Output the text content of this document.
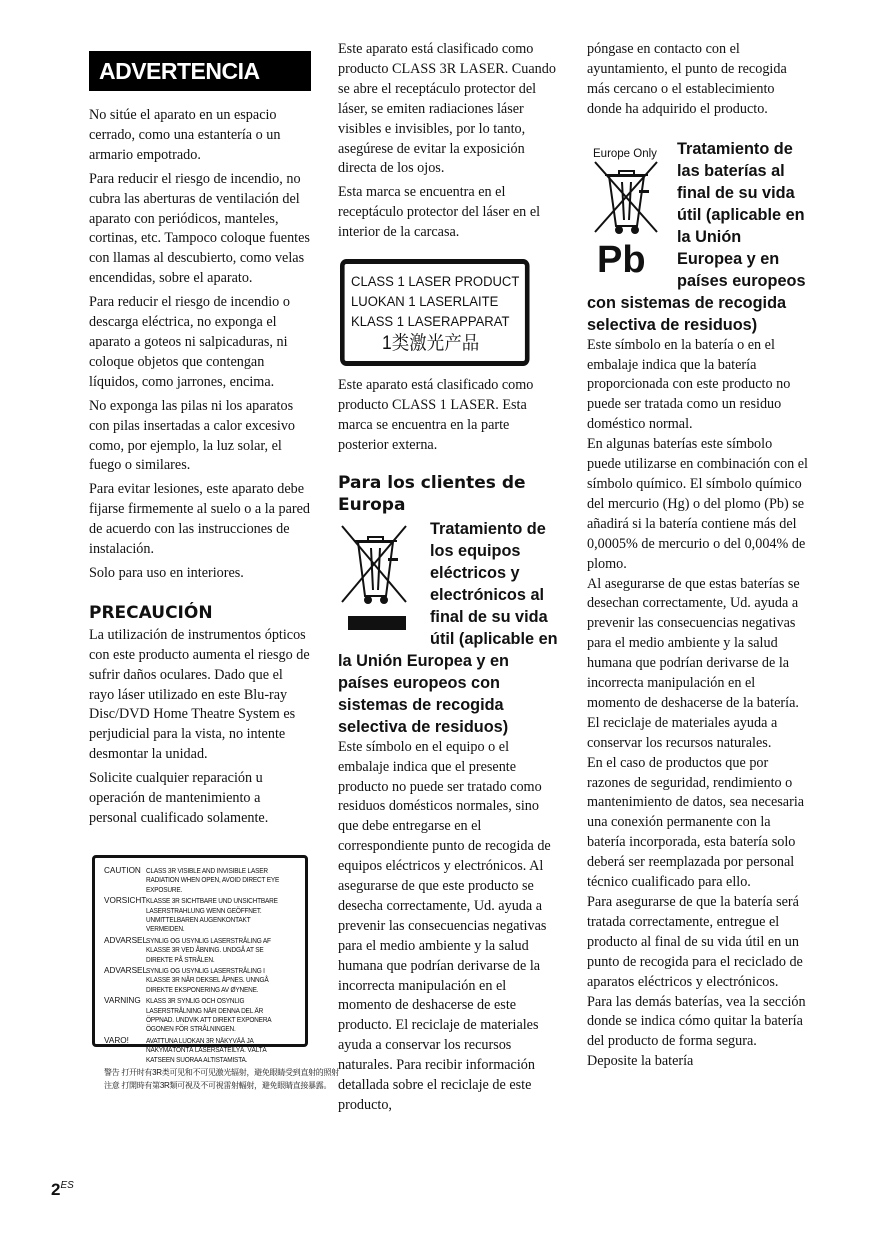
ADVERTENCIA

No sitúe el aparato en un espacio cerrado, como una estantería o un armario empotrado.

Para reducir el riesgo de incendio, no cubra las aberturas de ventilación del aparato con periódicos, manteles, cortinas, etc. Tampoco coloque fuentes con llamas al descubierto, como velas encendidas, sobre el aparato.

Para reducir el riesgo de incendio o descarga eléctrica, no exponga el aparato a goteos ni salpicaduras, ni coloque objetos que contengan líquidos, como jarrones, encima.

No exponga las pilas ni los aparatos con pilas insertadas a calor excesivo como, por ejemplo, la luz solar, el fuego o similares.

Para evitar lesiones, este aparato debe fijarse firmemente al suelo o a la pared de acuerdo con las instrucciones de instalación.

Solo para uso en interiores.

PRECAUCIÓN

La utilización de instrumentos ópticos con este producto aumenta el riesgo de sufrir daños oculares. Dado que el rayo láser utilizado en este Blu-ray Disc/DVD Home Theatre System es perjudicial para la vista, no intente desmontar la unidad.

Solicite cualquier reparación u operación de mantenimiento a personal cualificado solamente.

CAUTION CLASS 3R VISIBLE AND INVISIBLE LASER RADIATION WHEN OPEN, AVOID DIRECT EYE EXPOSURE.
VORSICHT KLASSE 3R SICHTBARE UND UNSICHTBARE LASERSTRAHLUNG WENN GEÖFFNET. UNMITTELBAREN AUGENKONTAKT VERMEIDEN.
ADVARSEL
SYNLIG OG USYNLIG LASERSTRÅLING AF KLASSE 3R VED ÅBNING. UNDGÅ AT SE DIREKTE PÅ STRÅLEN.
ADVARSEL
SYNLIG OG USYNLIG LASERSTRÅLING I KLASSE 3R NÅR DEKSEL ÅPNES. UNNGÅ DIREKTE EKSPONERING AV ØYNENE.
VARNING KLASS 3R SYNLIG OCH OSYNLIG LASERSTRÅLNING NÄR DENNA DEL ÄR ÖPPNAD. UNDVIK ATT DIREKT EXPONERA ÖGONEN FÖR STRÅLNINGEN.
VARO!	AVATTUNA LUOKAN 3R NÄKYVÄÄ JA NÄKYMÄTÖNTÄ LASERSÄTEILYÄ. VÄLTÄ KATSEEN SUORAA ALTISTAMISTA.
警告 打开时有3R类可见和不可见激光辐射，避免眼睛受到直射的照射
注意 打開時有第3R類可視及不可視雷射輻射，避免眼睛直接暴露。

Este aparato está clasificado como producto CLASS 3R LASER. Cuando se abre el receptáculo protector del láser, se emiten radiaciones láser visibles e invisibles, por lo tanto, asegúrese de evitar la exposición directa de los ojos.

Esta marca se encuentra en el receptáculo protector del láser en el interior de la carcasa.

CLASS 1 LASER PRODUCT
LUOKAN 1 LASERLAITE
KLASS 1 LASERAPPARAT
1类激光产品

Este aparato está clasificado como producto CLASS 1 LASER. Esta marca se encuentra en la parte posterior externa.

Para los clientes de Europa
Tratamiento de los equipos eléctricos y electrónicos al final de su vida útil (aplicable en la Unión Europea y en países europeos con sistemas de recogida selectiva de residuos)

Este símbolo en el equipo o el embalaje indica que el presente producto no puede ser tratado como residuos domésticos normales, sino que debe entregarse en el correspondiente punto de recogida de equipos eléctricos y electrónicos. Al asegurarse de que este producto se desecha correctamente, Ud. ayuda a prevenir las consecuencias negativas para el medio ambiente y la salud humana que podrían derivarse de la incorrecta manipulación en el momento de deshacerse de este producto. El reciclaje de materiales ayuda a conservar los recursos naturales. Para recibir información detallada sobre el reciclaje de este producto,

póngase en contacto con el ayuntamiento, el punto de recogida más cercano o el establecimiento donde ha adquirido el producto.

Europe Only
Pb
Tratamiento de las baterías al final de su vida útil (aplicable en la Unión Europea y en países europeos con sistemas de recogida selectiva de residuos)

Este símbolo en la batería o en el embalaje indica que la batería proporcionada con este producto no puede ser tratada como un residuo doméstico normal.

En algunas baterías este símbolo puede utilizarse en combinación con el símbolo químico. El símbolo químico del mercurio (Hg) o del plomo (Pb) se añadirá si la batería contiene más del 0,0005% de mercurio o del 0,004% de plomo.

Al asegurarse de que estas baterías se desechan correctamente, Ud. ayuda a prevenir las consecuencias negativas para el medio ambiente y la salud humana que podrían derivarse de la incorrecta manipulación en el momento de deshacerse de la batería. El reciclaje de materiales ayuda a conservar los recursos naturales.

En el caso de productos que por razones de seguridad, rendimiento o mantenimiento de datos, sea necesaria una conexión permanente con la batería incorporada, esta batería solo deberá ser reemplazada por personal técnico cualificado para ello.

Para asegurarse de que la batería será tratada correctamente, entregue el producto al final de su vida útil en un punto de recogida para el reciclado de aparatos eléctricos y electrónicos.

Para las demás baterías, vea la sección donde se indica cómo quitar la batería del producto de forma segura. Deposite la batería

$2^{ES}$
